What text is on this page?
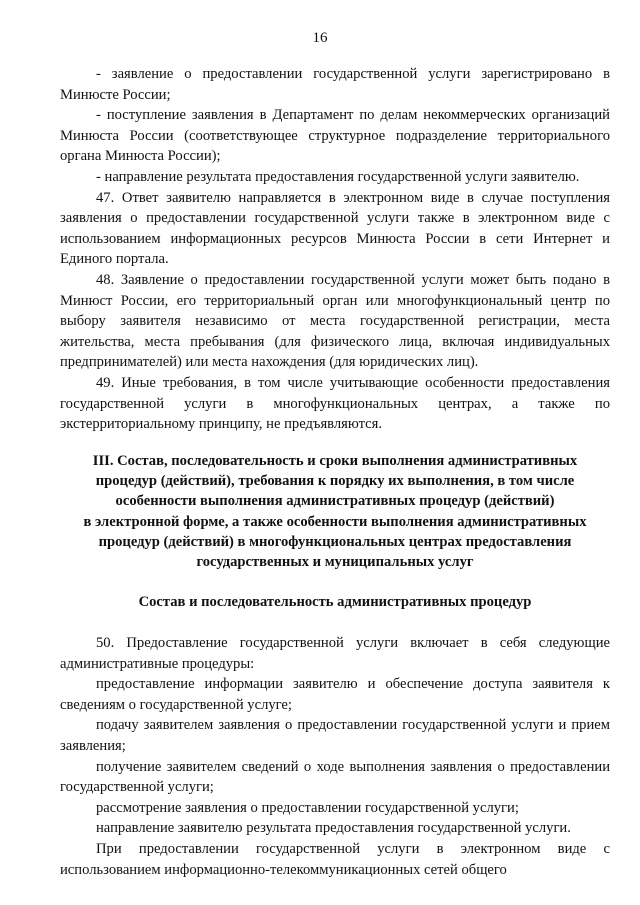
16

- заявление о предоставлении государственной услуги зарегистрировано в Минюсте России;

- поступление заявления в Департамент по делам некоммерческих организаций Минюста России (соответствующее структурное подразделение территориального органа Минюста России);

- направление результата предоставления государственной услуги заявителю.

47. Ответ заявителю направляется в электронном виде в случае поступления заявления о предоставлении государственной услуги также в электронном виде с использованием информационных ресурсов Минюста России в сети Интернет и Единого портала.

48. Заявление о предоставлении государственной услуги может быть подано в Минюст России, его территориальный орган или многофункциональный центр по выбору заявителя независимо от места государственной регистрации, места жительства, места пребывания (для физического лица, включая индивидуальных предпринимателей) или места нахождения (для юридических лиц).

49. Иные требования, в том числе учитывающие особенности предоставления государственной услуги в многофункциональных центрах, а также по экстерриториальному принципу, не предъявляются.

III. Состав, последовательность и сроки выполнения административных
процедур (действий), требования к порядку их выполнения, в том числе
особенности выполнения административных процедур (действий)
в электронной форме, а также особенности выполнения административных
процедур (действий) в многофункциональных центрах предоставления
государственных и муниципальных услуг

Состав и последовательность административных процедур

50. Предоставление государственной услуги включает в себя следующие административные процедуры:

предоставление информации заявителю и обеспечение доступа заявителя к сведениям о государственной услуге;

подачу заявителем заявления о предоставлении государственной услуги и прием заявления;

получение заявителем сведений о ходе выполнения заявления о предоставлении государственной услуги;

рассмотрение заявления о предоставлении государственной услуги;

направление заявителю результата предоставления государственной услуги.

При предоставлении государственной услуги в электронном виде с использованием информационно-телекоммуникационных сетей общего
